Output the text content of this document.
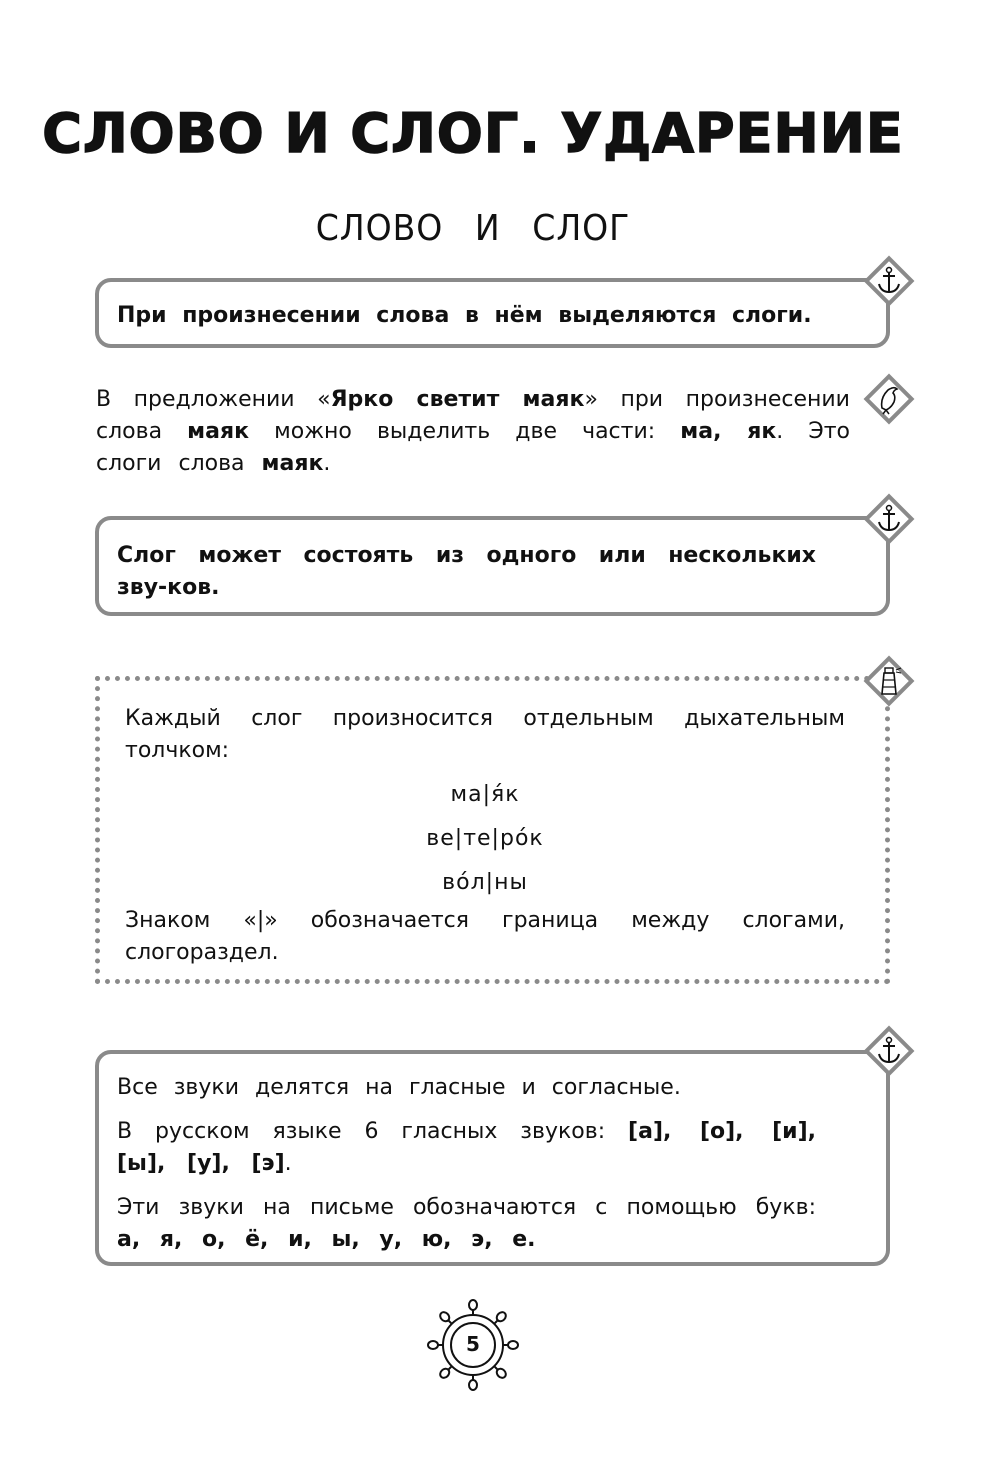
СЛОВО И СЛОГ. УДАРЕНИЕ
СЛОВО И СЛОГ
При произнесении слова в нём выделяются слоги.
В предложении «Ярко светит маяк» при произнесении слова маяк можно выделить две части: ма, як. Это слоги слова маяк.
Слог может состоять из одного или нескольких зву-ков.
Каждый слог произносится отдельным дыхательным толчком:
ма|я́к
ве|те|ро́к
во́л|ны
Знаком «|» обозначается граница между слогами, слогораздел.
Все звуки делятся на гласные и согласные.
В русском языке 6 гласных звуков: [а], [о], [и], [ы], [у], [э].
Эти звуки на письме обозначаются с помощью букв: а, я, о, ё, и, ы, у, ю, э, е.
5
